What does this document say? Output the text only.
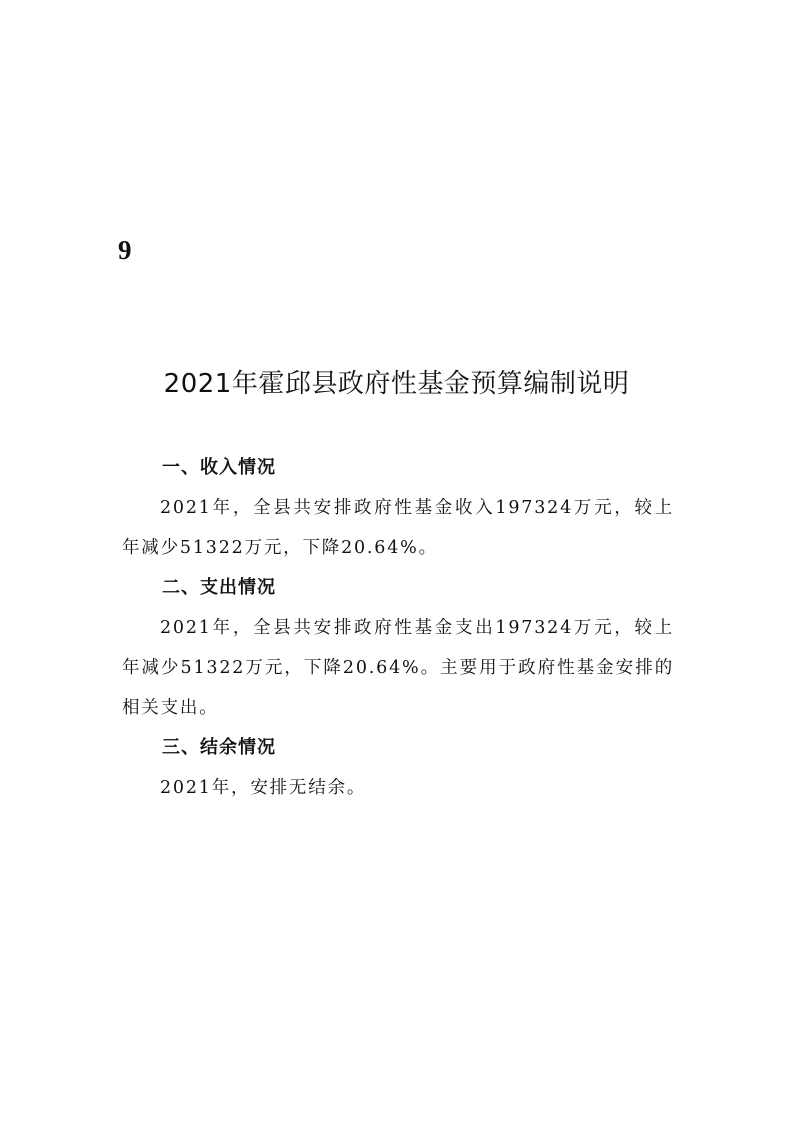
9
2021年霍邱县政府性基金预算编制说明
一、收入情况

2021年，全县共安排政府性基金收入197324万元，较上年减少51322万元，下降20.64%。

二、支出情况

2021年，全县共安排政府性基金支出197324万元，较上年减少51322万元，下降20.64%。主要用于政府性基金安排的相关支出。

三、结余情况

2021年，安排无结余。
